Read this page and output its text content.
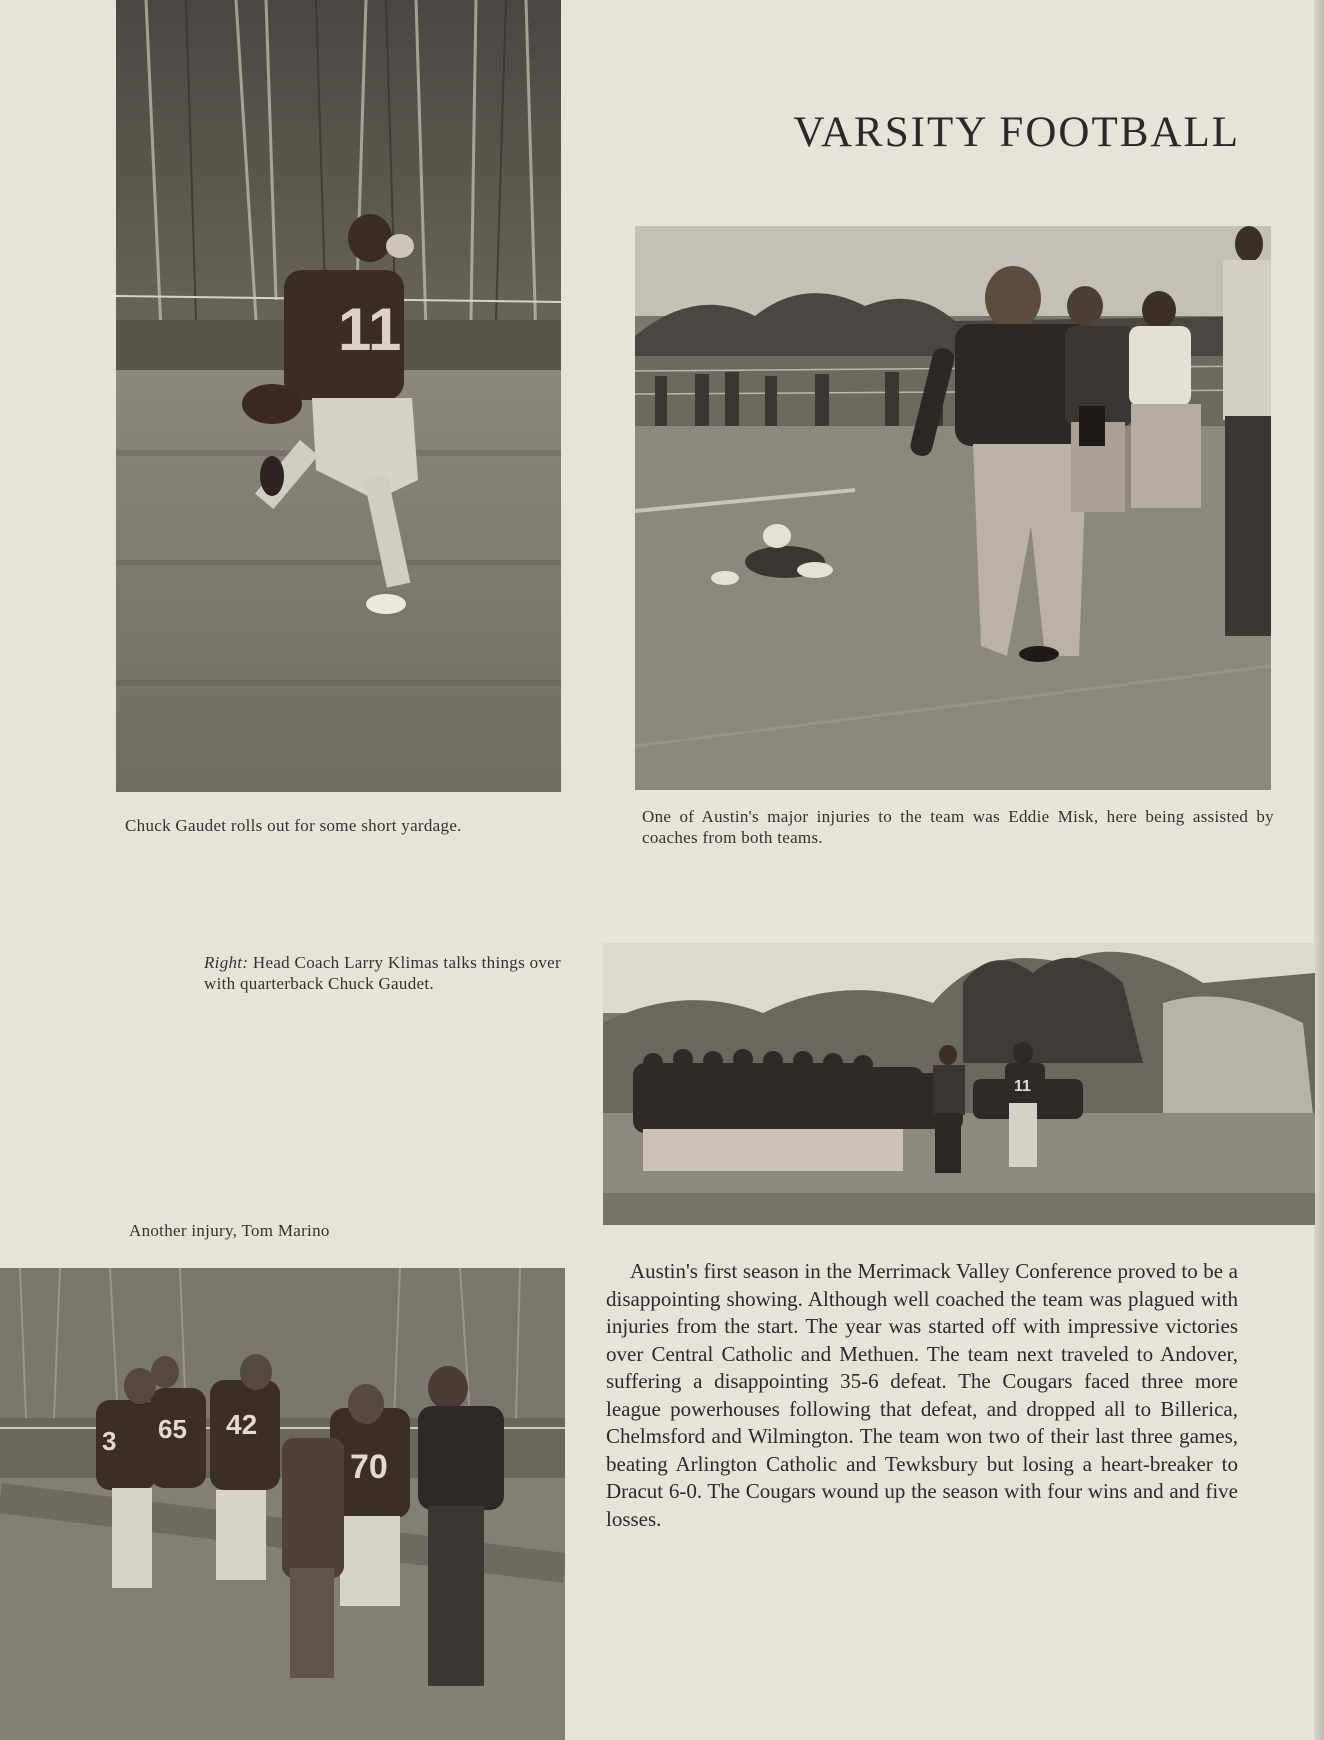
VARSITY FOOTBALL
11
Chuck Gaudet rolls out for some short yardage.	One of Austin's major injuries to the team was Eddie Misk, here being assisted by coaches from both teams.
Right: Head Coach Larry Klimas talks things over with quarterback Chuck Gaudet.
11
Another injury, Tom Marino
3 65 42
70

Austin's first season in the Merrimack Valley Conference proved to be a disappointing showing. Although well coached the team was plagued with injuries from the start. The year was started off with impressive victories over Central Catholic and Methuen. The team next traveled to Andover, suffering a disappointing 35-6 defeat. The Cougars faced three more league powerhouses following that defeat, and dropped all to Billerica, Chelmsford and Wilmington. The team won two of their last three games, beating Arlington Catholic and Tewksbury but losing a heart-breaker to Dracut 6-0. The Cougars wound up the season with four wins and and five losses.
